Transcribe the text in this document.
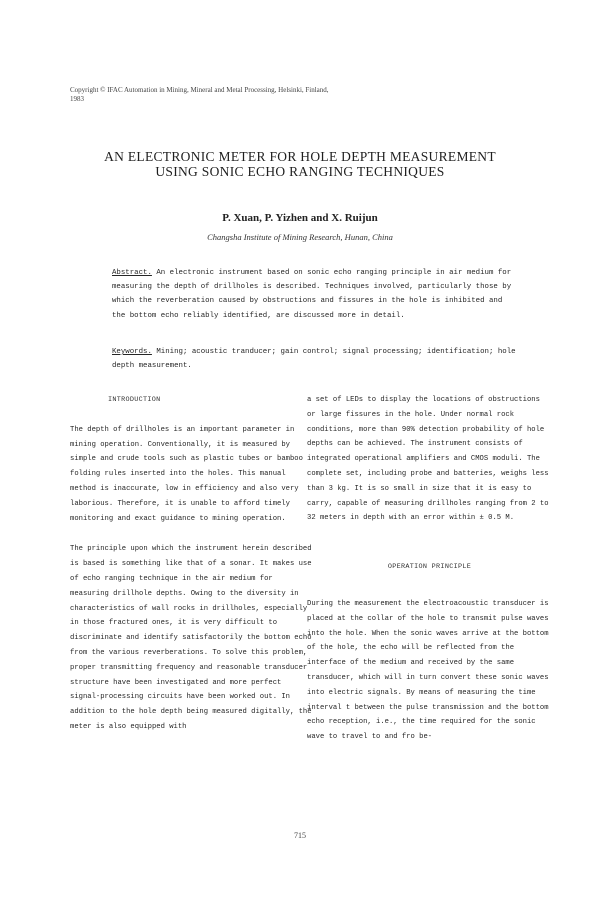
Copyright © IFAC Automation in Mining, Mineral and Metal Processing, Helsinki, Finland, 1983
AN ELECTRONIC METER FOR HOLE DEPTH MEASUREMENT USING SONIC ECHO RANGING TECHNIQUES
P. Xuan, P. Yizhen and X. Ruijun
Changsha Institute of Mining Research, Hunan, China
Abstract. An electronic instrument based on sonic echo ranging principle in air medium for measuring the depth of drillholes is described. Techniques involved, particularly those by which the reverberation caused by obstructions and fissures in the hole is inhibited and the bottom echo reliably identified, are discussed more in detail.
Keywords. Mining; acoustic tranducer; gain control; signal processing; identification; hole depth measurement.
INTRODUCTION

The depth of drillholes is an important parameter in mining operation. Conventionally, it is measured by simple and crude tools such as plastic tubes or bamboo folding rules inserted into the holes. This manual method is inaccurate, low in efficiency and also very laborious. Therefore, it is unable to afford timely monitoring and exact guidance to mining operation.

The principle upon which the instrument herein described is based is something like that of a sonar. It makes use of echo ranging technique in the air medium for measuring drillhole depths. Owing to the diversity in characteristics of wall rocks in drillholes, especially in those fractured ones, it is very difficult to discriminate and identify satisfactorily the bottom echo from the various reverberations. To solve this problem, proper transmitting frequency and reasonable transducer structure have been investigated and more perfect signal-processing circuits have been worked out. In addition to the hole depth being measured digitally, the meter is also equipped with

a set of LEDs to display the locations of obstructions or large fissures in the hole. Under normal rock conditions, more than 90% detection probability of hole depths can be achieved. The instrument consists of integrated operational amplifiers and CMOS moduli. The complete set, including probe and batteries, weighs less than 3 kg. It is so small in size that it is easy to carry, capable of measuring drillholes ranging from 2 to 32 meters in depth with an error within ± 0.5 M.

OPERATION PRINCIPLE

During the measurement the electroacoustic transducer is placed at the collar of the hole to transmit pulse waves into the hole. When the sonic waves arrive at the bottom of the hole, the echo will be reflected from the interface of the medium and received by the same transducer, which will in turn convert these sonic waves into electric signals. By means of measuring the time interval t between the pulse transmission and the bottom echo reception, i.e., the time required for the sonic wave to travel to and fro be-

715
